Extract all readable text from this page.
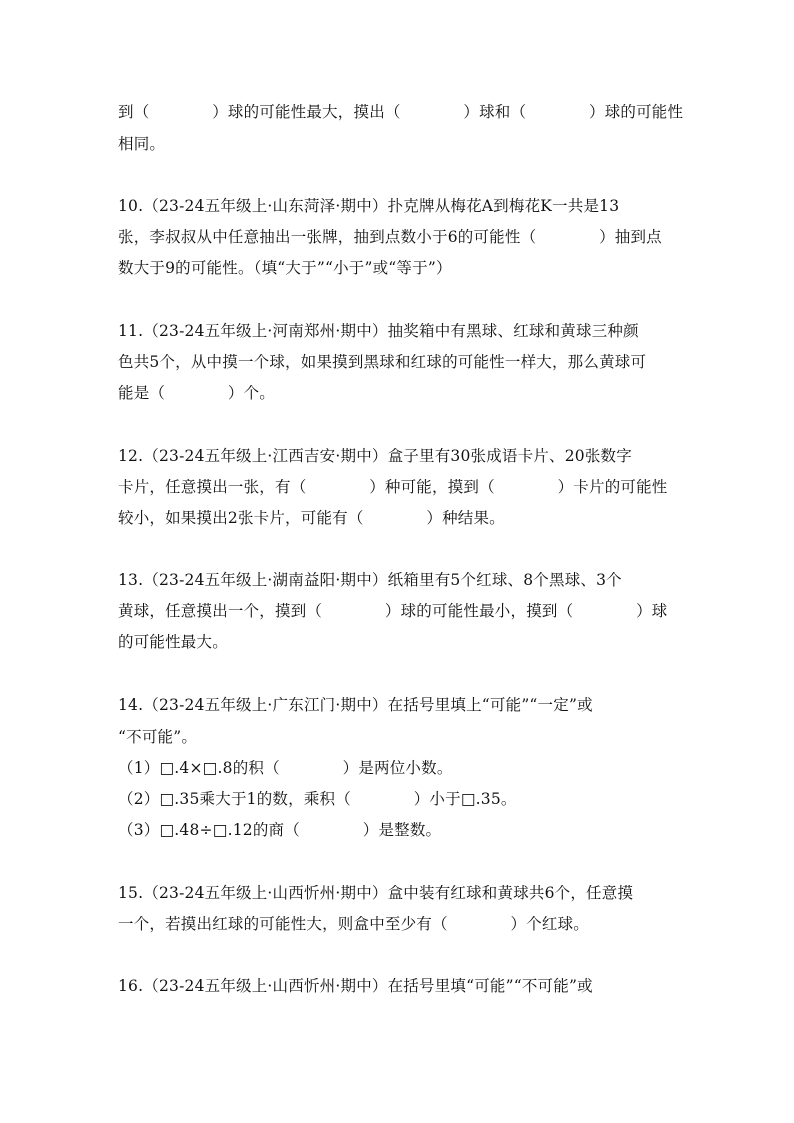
到（　　　　）球的可能性最大，摸出（　　　　）球和（　　　　）球的可能性
相同。
10.（23-24五年级上·山东菏泽·期中）扑克牌从梅花A到梅花K一共是13
张，李叔叔从中任意抽出一张牌，抽到点数小于6的可能性（　　　　）抽到点
数大于9的可能性。（填“大于”“小于”或“等于”）
11.（23-24五年级上·河南郑州·期中）抽奖箱中有黑球、红球和黄球三种颜
色共5个，从中摸一个球，如果摸到黑球和红球的可能性一样大，那么黄球可
能是（　　　　）个。
12.（23-24五年级上·江西吉安·期中）盒子里有30张成语卡片、20张数字
卡片，任意摸出一张，有（　　　　）种可能，摸到（　　　　）卡片的可能性
较小，如果摸出2张卡片，可能有（　　　　）种结果。
13.（23-24五年级上·湖南益阳·期中）纸箱里有5个红球、8个黑球、3个
黄球，任意摸出一个，摸到（　　　　）球的可能性最小，摸到（　　　　）球
的可能性最大。
14.（23-24五年级上·广东江门·期中）在括号里填上“可能”“一定”或
“不可能”。
（1）□.4×□.8的积（　　　　）是两位小数。
（2）□.35乘大于1的数，乘积（　　　　）小于□.35。
（3）□.48÷□.12的商（　　　　）是整数。
15.（23-24五年级上·山西忻州·期中）盒中装有红球和黄球共6个，任意摸
一个，若摸出红球的可能性大，则盒中至少有（　　　　）个红球。
16.（23-24五年级上·山西忻州·期中）在括号里填“可能”“不可能”或
